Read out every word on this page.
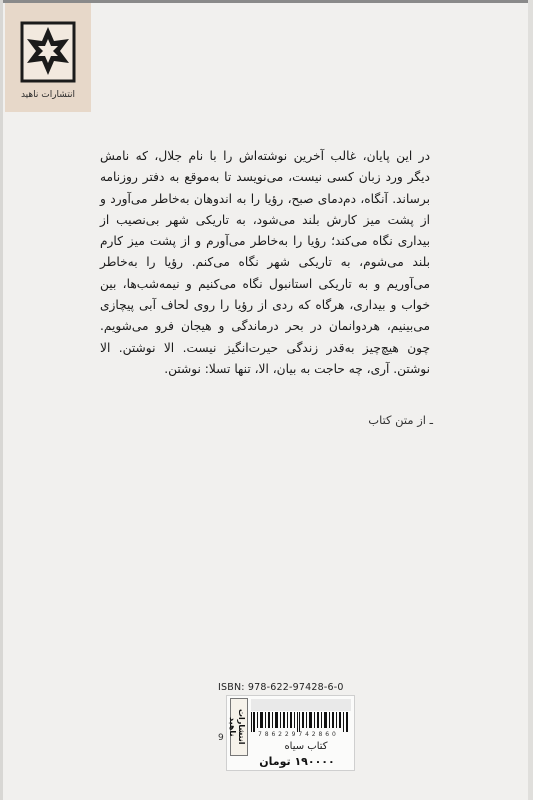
انتشارات ناهید
در این پایان، غالب آخرین نوشته‌اش را با نام جلال، که نامش
دیگر ورد زبان کسی نیست، می‌نویسد تا به‌موقع به دفتر روزنامه
برساند. آنگاه، دم‌دمای صبح، رؤیا را به اندوهان به‌خاطر می‌آورد و
از پشت میز کارش بلند می‌شود، به تاریکی شهر بی‌نصیب از
بیداری نگاه می‌کند؛ رؤیا را به‌خاطر می‌آورم و از پشت میز کارم
بلند می‌شوم، به تاریکی شهر نگاه می‌کنم. رؤیا را به‌خاطر
می‌آوریم و به تاریکی استانبول نگاه می‌کنیم و نیمه‌شب‌ها، بین
خواب و بیداری، هرگاه که ردی از رؤیا را روی لحاف آبی پیچازی
می‌بینیم، هردوانمان در بحر درماندگی و هیجان فرو می‌شویم.
چون هیچ‌چیز به‌قدر زندگی حیرت‌انگیز نیست. الا نوشتن. الا
نوشتن. آری، چه حاجت به بیان، الا، تنها تسلا: نوشتن.
ـ از متن کتاب
ISBN: 978-622-97428-6-0
9	انتشارات ناهید	7 8 6 2 2 9 7 4 2 8 6 0
کتاب سیاه
۱۹۰۰۰۰ تومان
